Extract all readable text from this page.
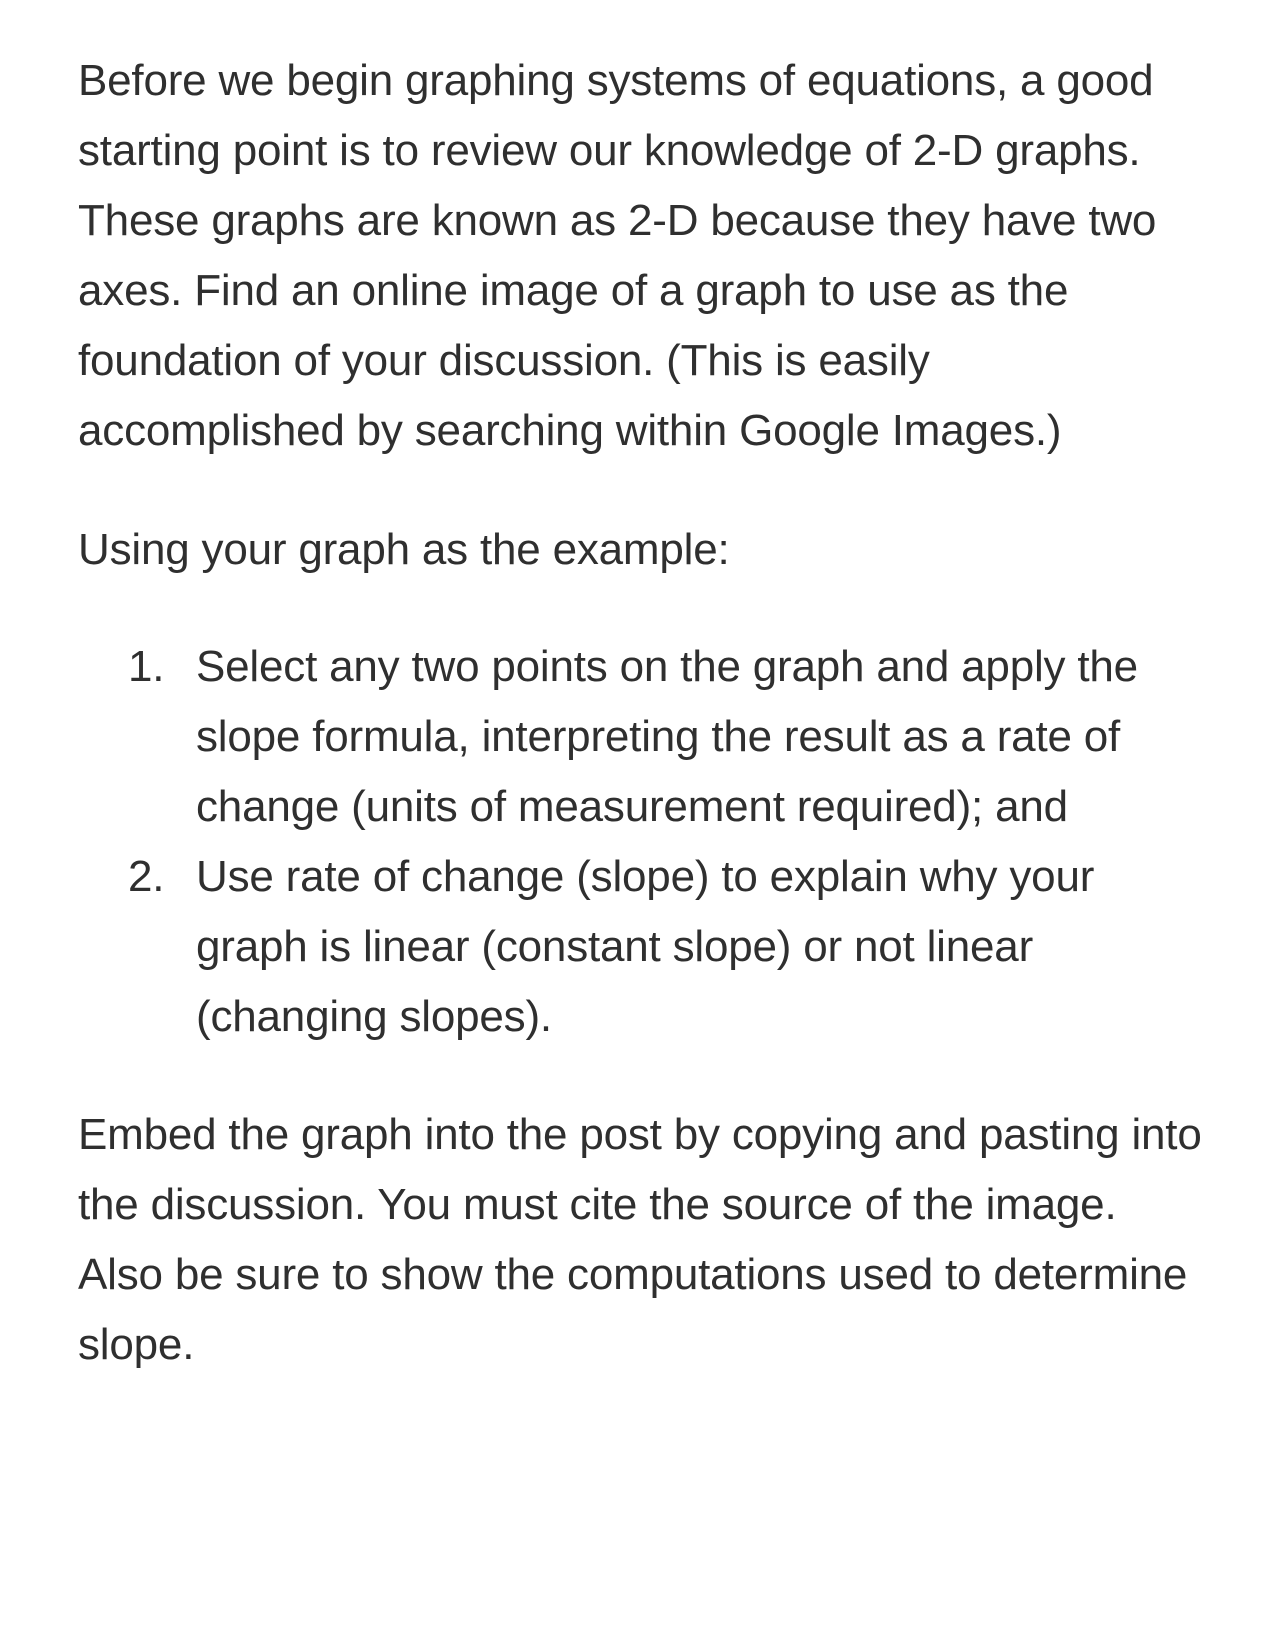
Before we begin graphing systems of equations, a good starting point is to review our knowledge of 2-D graphs. These graphs are known as 2-D because they have two axes. Find an online image of a graph to use as the foundation of your discussion. (This is easily accomplished by searching within Google Images.)

Using your graph as the example:

1. Select any two points on the graph and apply the slope formula, interpreting the result as a rate of change (units of measurement required); and
2. Use rate of change (slope) to explain why your graph is linear (constant slope) or not linear (changing slopes).

Embed the graph into the post by copying and pasting into the discussion. You must cite the source of the image. Also be sure to show the computations used to determine slope.
